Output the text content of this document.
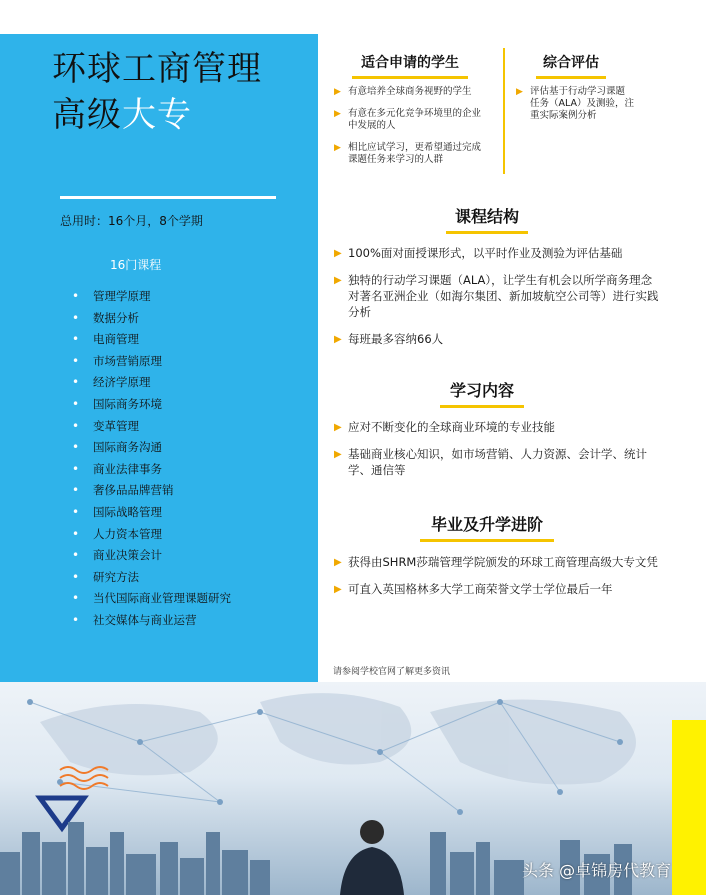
环球工商管理
高级大专
总用时：16个月，8个学期
16门课程
• 管理学原理
• 数据分析
• 电商管理
• 市场营销原理
• 经济学原理
• 国际商务环境
• 变革管理
• 国际商务沟通
• 商业法律事务
• 奢侈品品牌营销
• 国际战略管理
• 人力资本管理
• 商业决策会计
• 研究方法
• 当代国际商业管理课题研究
• 社交媒体与商业运营
适合申请的学生
▶ 有意培养全球商务视野的学生
▶ 有意在多元化竞争环境里的企业中发展的人
▶ 相比应试学习，更希望通过完成课题任务来学习的人群
综合评估
▶ 评估基于行动学习课题任务（ALA）及测验，注重实际案例分析
课程结构
▶ 100%面对面授课形式，以平时作业及测验为评估基础
▶ 独特的行动学习课题（ALA），让学生有机会以所学商务理念对著名亚洲企业（如海尔集团、新加坡航空公司等）进行实践分析
▶ 每班最多容纳66人
学习内容
▶ 应对不断变化的全球商业环境的专业技能
▶ 基础商业核心知识，如市场营销、人力资源、会计学、统计学、通信等
毕业及升学进阶
▶ 获得由SHRM莎瑞管理学院颁发的环球工商管理高级大专文凭
▶ 可直入英国格林多大学工商荣誉文学士学位最后一年
请参阅学校官网了解更多资讯
头条 @卓锦房代教育
